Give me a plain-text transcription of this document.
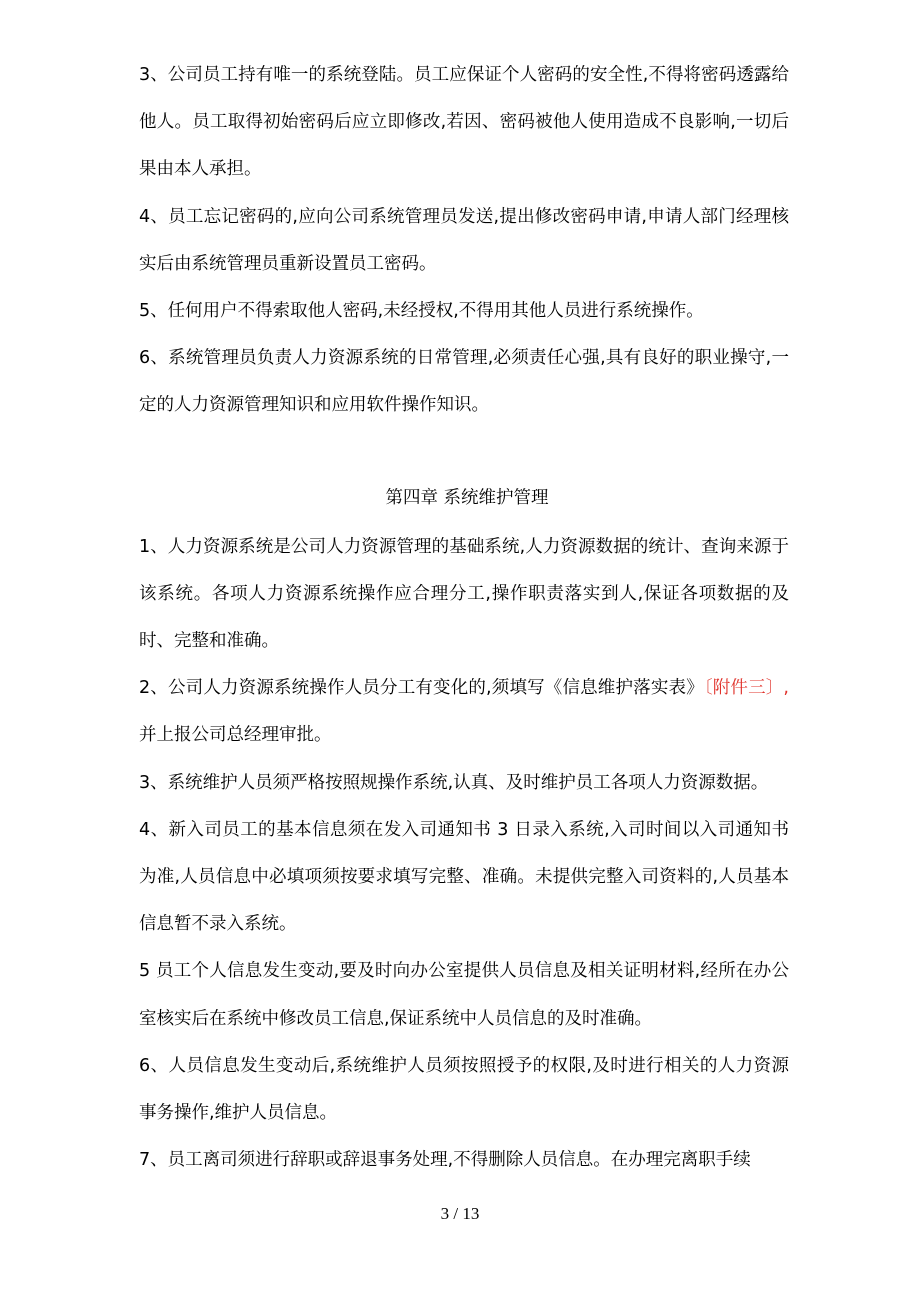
3、公司员工持有唯一的系统登陆。员工应保证个人密码的安全性,不得将密码透露给他人。员工取得初始密码后应立即修改,若因、密码被他人使用造成不良影响,一切后果由本人承担。

4、员工忘记密码的,应向公司系统管理员发送,提出修改密码申请,申请人部门经理核实后由系统管理员重新设置员工密码。

5、任何用户不得索取他人密码,未经授权,不得用其他人员进行系统操作。

6、系统管理员负责人力资源系统的日常管理,必须责任心强,具有良好的职业操守,一定的人力资源管理知识和应用软件操作知识。

第四章 系统维护管理

1、人力资源系统是公司人力资源管理的基础系统,人力资源数据的统计、查询来源于该系统。各项人力资源系统操作应合理分工,操作职责落实到人,保证各项数据的及时、完整和准确。

2、公司人力资源系统操作人员分工有变化的,须填写《信息维护落实表》〔附件三〕,并上报公司总经理审批。

3、系统维护人员须严格按照规操作系统,认真、及时维护员工各项人力资源数据。

4、新入司员工的基本信息须在发入司通知书 3 日录入系统,入司时间以入司通知书为准,人员信息中必填项须按要求填写完整、准确。未提供完整入司资料的,人员基本信息暂不录入系统。

5 员工个人信息发生变动,要及时向办公室提供人员信息及相关证明材料,经所在办公室核实后在系统中修改员工信息,保证系统中人员信息的及时准确。

6、人员信息发生变动后,系统维护人员须按照授予的权限,及时进行相关的人力资源事务操作,维护人员信息。

7、员工离司须进行辞职或辞退事务处理,不得删除人员信息。在办理完离职手续

3 / 13
